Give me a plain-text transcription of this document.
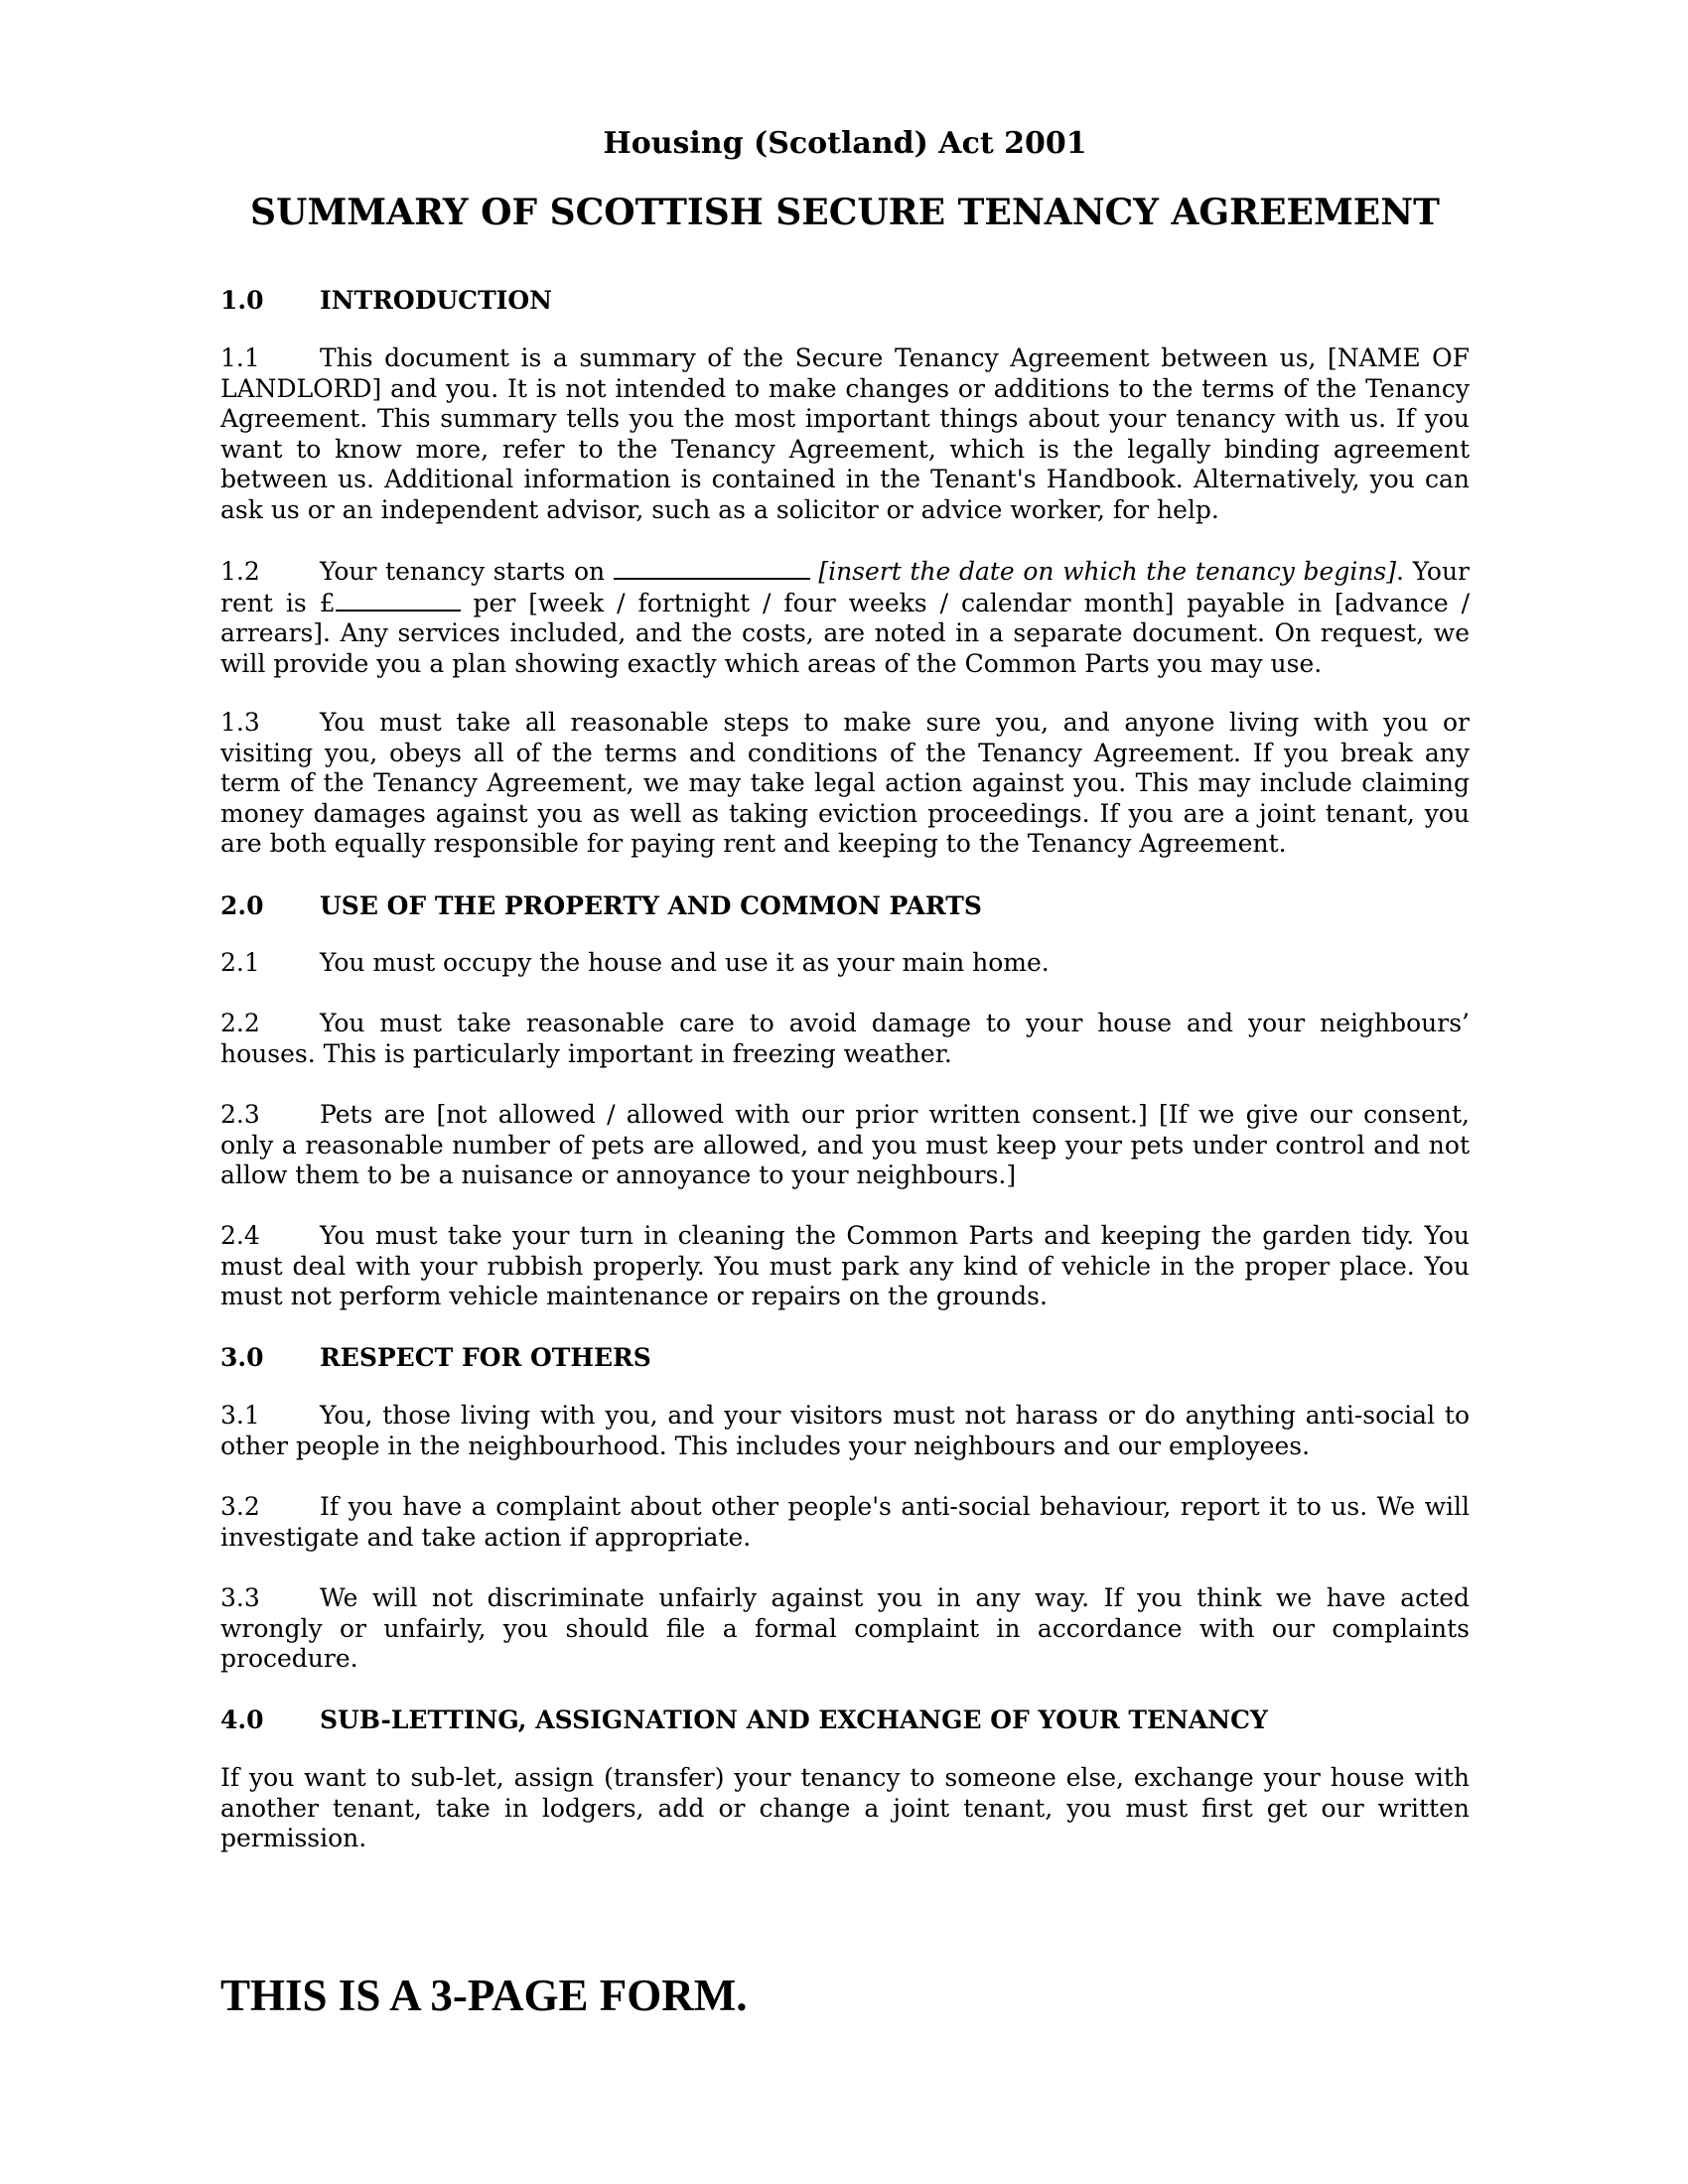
Housing (Scotland) Act 2001
SUMMARY OF SCOTTISH SECURE TENANCY AGREEMENT
1.0 INTRODUCTION

1.1 This document is a summary of the Secure Tenancy Agreement between us, [NAME OF LANDLORD] and you. It is not intended to make changes or additions to the terms of the Tenancy Agreement. This summary tells you the most important things about your tenancy with us. If you want to know more, refer to the Tenancy Agreement, which is the legally binding agreement between us. Additional information is contained in the Tenant's Handbook. Alternatively, you can ask us or an independent advisor, such as a solicitor or advice worker, for help.

1.2 Your tenancy starts on	[insert the date on which the tenancy begins]. Your rent is £	per [week / fortnight / four weeks / calendar month] payable in [advance / arrears]. Any services included, and the costs, are noted in a separate document. On request, we will provide you a plan showing exactly which areas of the Common Parts you may use.

1.3 You must take all reasonable steps to make sure you, and anyone living with you or visiting you, obeys all of the terms and conditions of the Tenancy Agreement. If you break any term of the Tenancy Agreement, we may take legal action against you. This may include claiming money damages against you as well as taking eviction proceedings. If you are a joint tenant, you are both equally responsible for paying rent and keeping to the Tenancy Agreement.

2.0 USE OF THE PROPERTY AND COMMON PARTS

2.1 You must occupy the house and use it as your main home.

2.2 You must take reasonable care to avoid damage to your house and your neighbours’ houses. This is particularly important in freezing weather.

2.3 Pets are [not allowed / allowed with our prior written consent.] [If we give our consent, only a reasonable number of pets are allowed, and you must keep your pets under control and not allow them to be a nuisance or annoyance to your neighbours.]

2.4 You must take your turn in cleaning the Common Parts and keeping the garden tidy. You must deal with your rubbish properly. You must park any kind of vehicle in the proper place. You must not perform vehicle maintenance or repairs on the grounds.

3.0 RESPECT FOR OTHERS

3.1 You, those living with you, and your visitors must not harass or do anything anti-social to other people in the neighbourhood. This includes your neighbours and our employees.

3.2 If you have a complaint about other people's anti-social behaviour, report it to us. We will investigate and take action if appropriate.

3.3 We will not discriminate unfairly against you in any way. If you think we have acted wrongly or unfairly, you should file a formal complaint in accordance with our complaints procedure.

4.0 SUB-LETTING, ASSIGNATION AND EXCHANGE OF YOUR TENANCY

If you want to sub-let, assign (transfer) your tenancy to someone else, exchange your house with another tenant, take in lodgers, add or change a joint tenant, you must first get our written permission.

THIS IS A 3-PAGE FORM.
